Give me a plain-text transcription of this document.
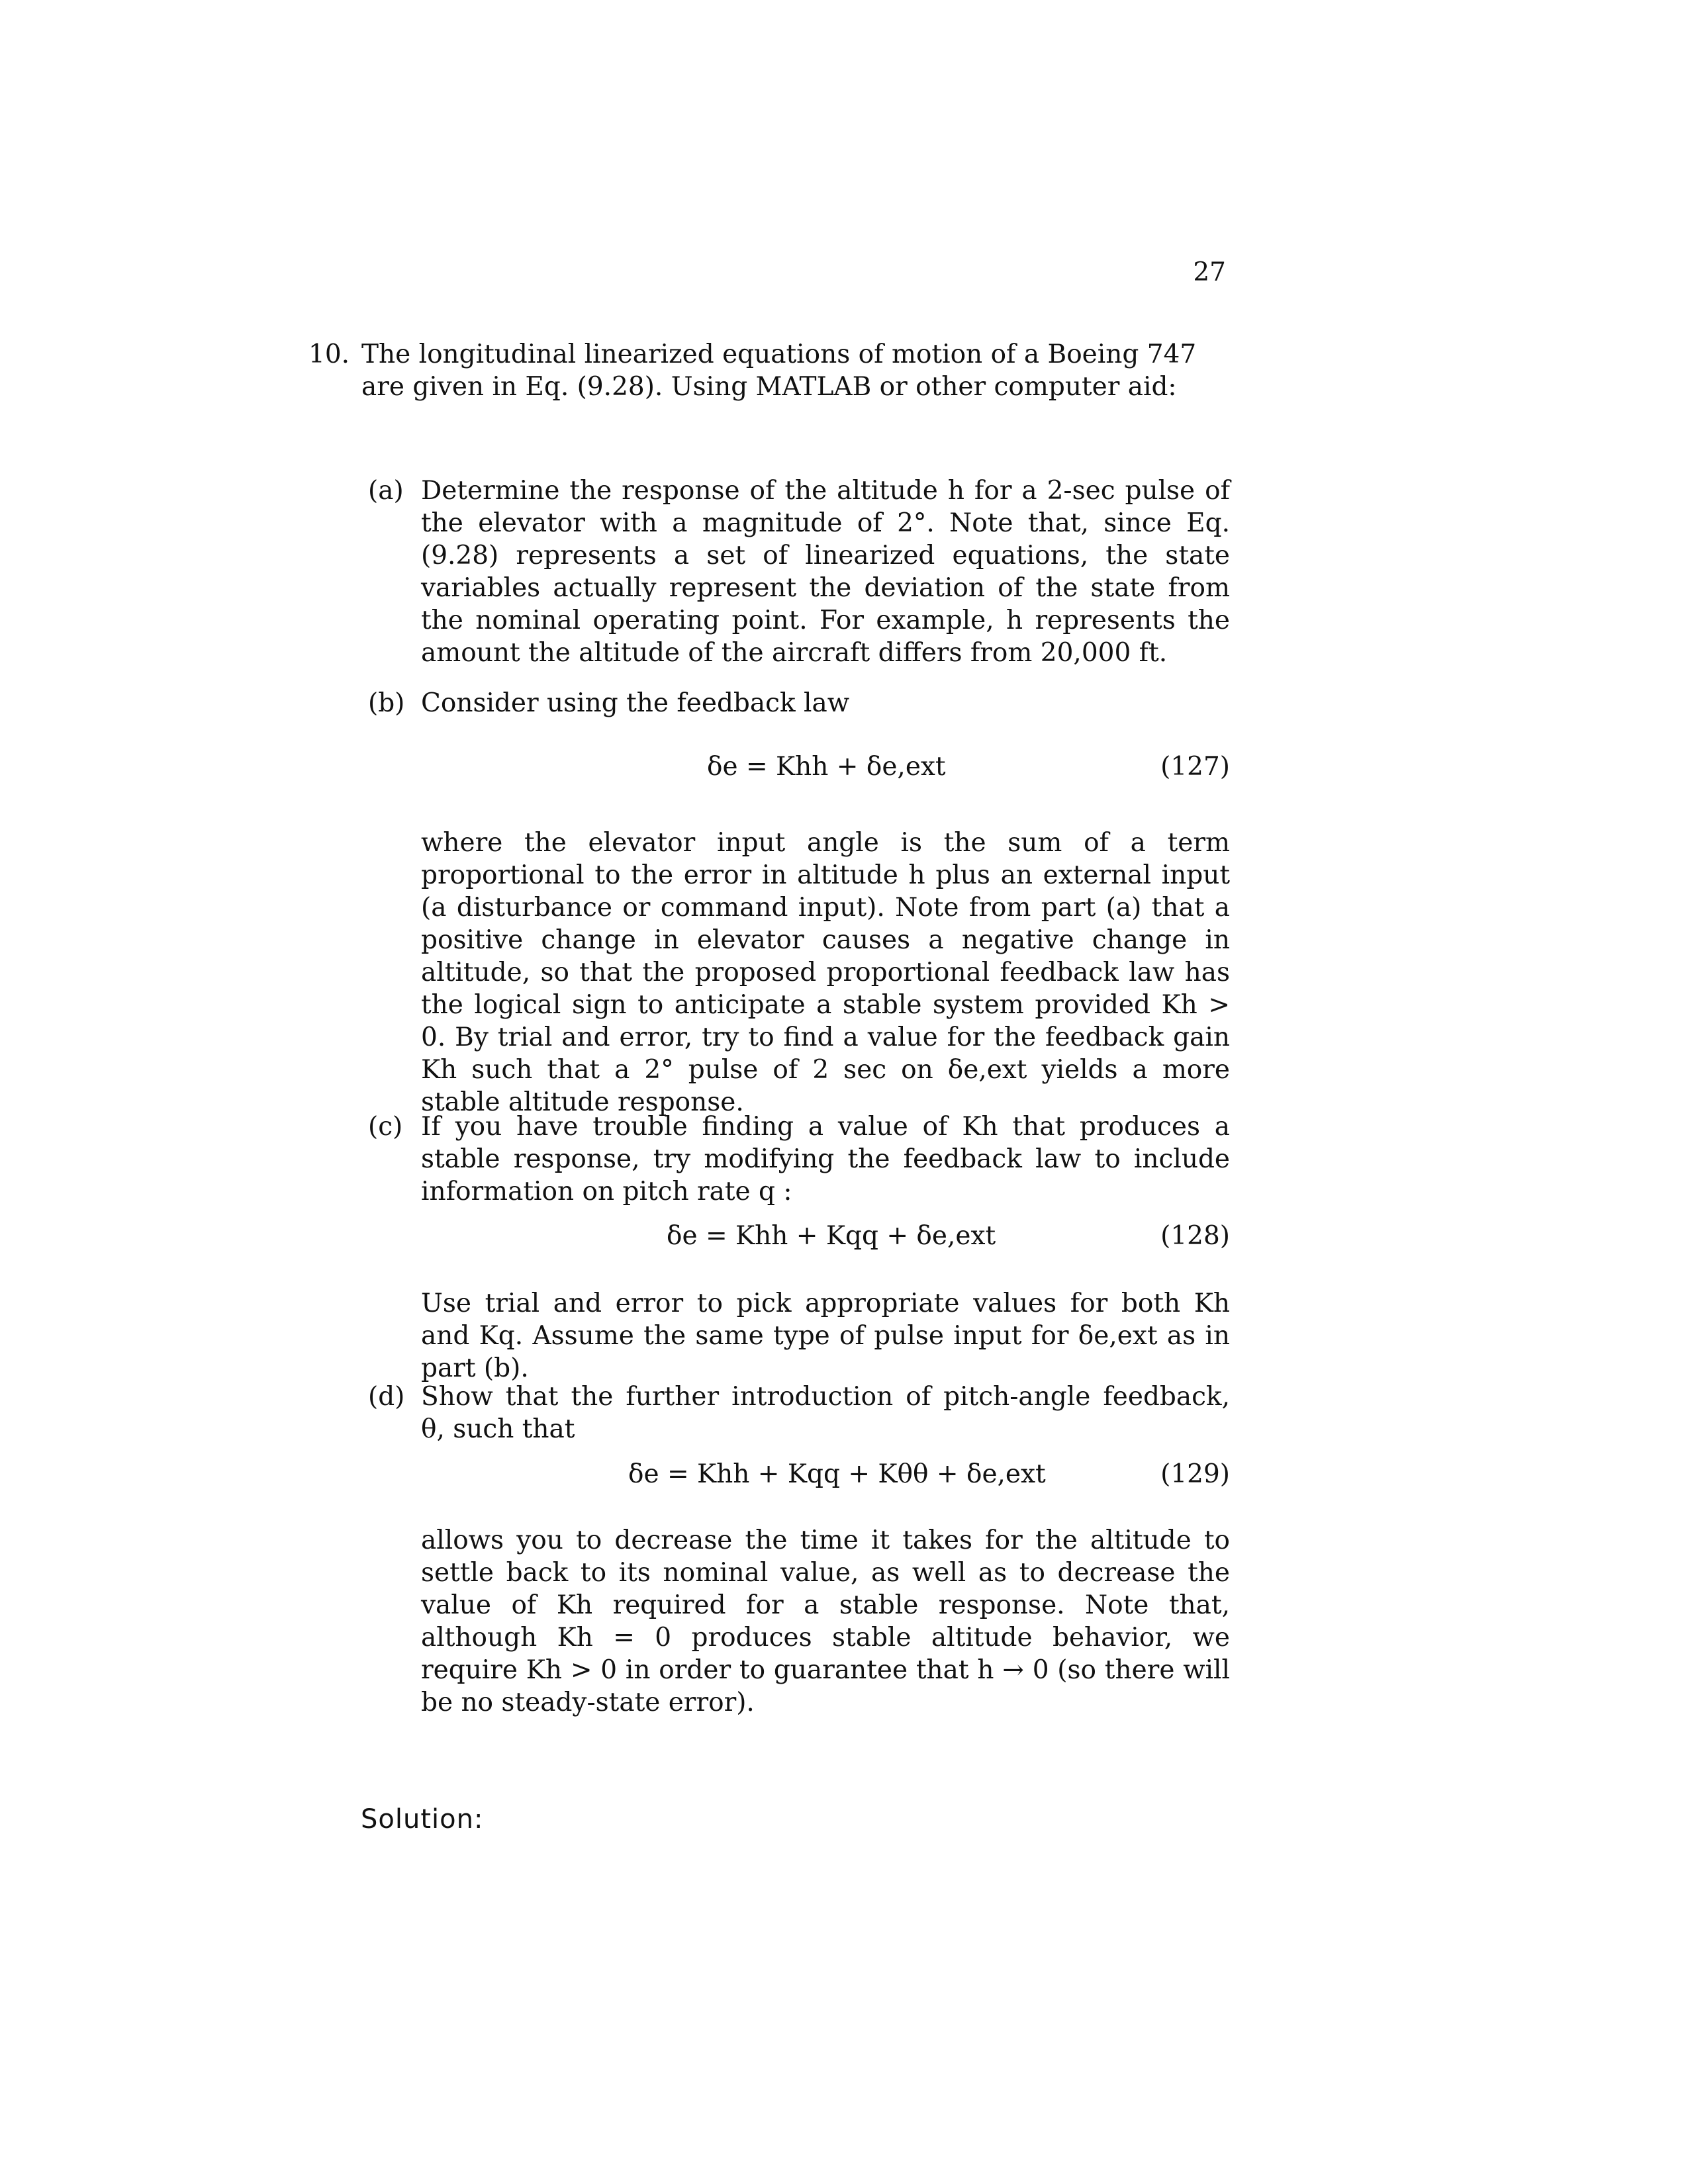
27
10. The longitudinal linearized equations of motion of a Boeing 747 are given in Eq. (9.28). Using MATLAB or other computer aid:
(a) Determine the response of the altitude h for a 2-sec pulse of the elevator with a magnitude of 2°. Note that, since Eq. (9.28) represents a set of linearized equations, the state variables actually represent the deviation of the state from the nominal operating point. For example, h represents the amount the altitude of the aircraft differs from 20,000 ft.
(b) Consider using the feedback law
δe = Khh + δe,ext	(127)
where the elevator input angle is the sum of a term proportional to the error in altitude h plus an external input (a disturbance or command input). Note from part (a) that a positive change in elevator causes a negative change in altitude, so that the proposed proportional feedback law has the logical sign to anticipate a stable system provided Kh > 0. By trial and error, try to find a value for the feedback gain Kh such that a 2° pulse of 2 sec on δe,ext yields a more stable altitude response.
(c) If you have trouble finding a value of Kh that produces a stable response, try modifying the feedback law to include information on pitch rate q :
δe = Khh + Kqq + δe,ext	(128)
Use trial and error to pick appropriate values for both Kh and Kq. Assume the same type of pulse input for δe,ext as in part (b).
(d) Show that the further introduction of pitch-angle feedback, θ, such that
δe = Khh + Kqq + Kθθ + δe,ext	(129)
allows you to decrease the time it takes for the altitude to settle back to its nominal value, as well as to decrease the value of Kh required for a stable response. Note that, although Kh = 0 produces stable altitude behavior, we require Kh > 0 in order to guarantee that h → 0 (so there will be no steady-state error).
Solution:
